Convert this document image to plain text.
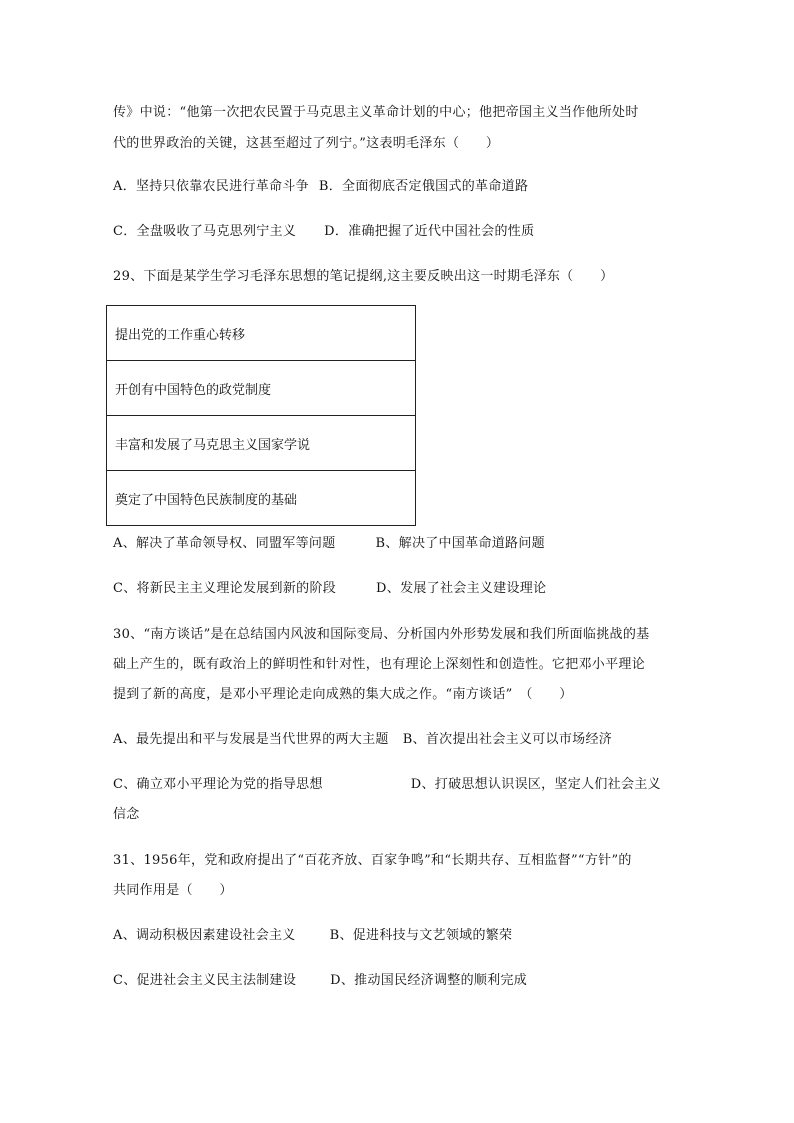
传》中说：“他第一次把农民置于马克思主义革命计划的中心；他把帝国主义当作他所处时
代的世界政治的关键，这甚至超过了列宁。”这表明毛泽东（　　）
A．坚持只依靠农民进行革命斗争 B．全面彻底否定俄国式的革命道路
C．全盘吸收了马克思列宁主义 D．准确把握了近代中国社会的性质
29、下面是某学生学习毛泽东思想的笔记提纲,这主要反映出这一时期毛泽东（　　）
提出党的工作重心转移
开创有中国特色的政党制度
丰富和发展了马克思主义国家学说
奠定了中国特色民族制度的基础
A、解决了革命领导权、同盟军等问题	B、解决了中国革命道路问题
C、将新民主主义理论发展到新的阶段	D、发展了社会主义建设理论
30、“南方谈话”是在总结国内风波和国际变局、分析国内外形势发展和我们所面临挑战的基
础上产生的，既有政治上的鲜明性和针对性，也有理论上深刻性和创造性。它把邓小平理论
提到了新的高度，是邓小平理论走向成熟的集大成之作。“南方谈话”　（　　）
A、最先提出和平与发展是当代世界的两大主题 B、首次提出社会主义可以市场经济
C、确立邓小平理论为党的指导思想	D、打破思想认识误区，坚定人们社会主义
信念
31、1956年，党和政府提出了“百花齐放、百家争鸣”和“长期共存、互相监督”“方针”的
共同作用是（　　）
A、调动积极因素建设社会主义	B、促进科技与文艺领域的繁荣
C、促进社会主义民主法制建设	D、推动国民经济调整的顺利完成
